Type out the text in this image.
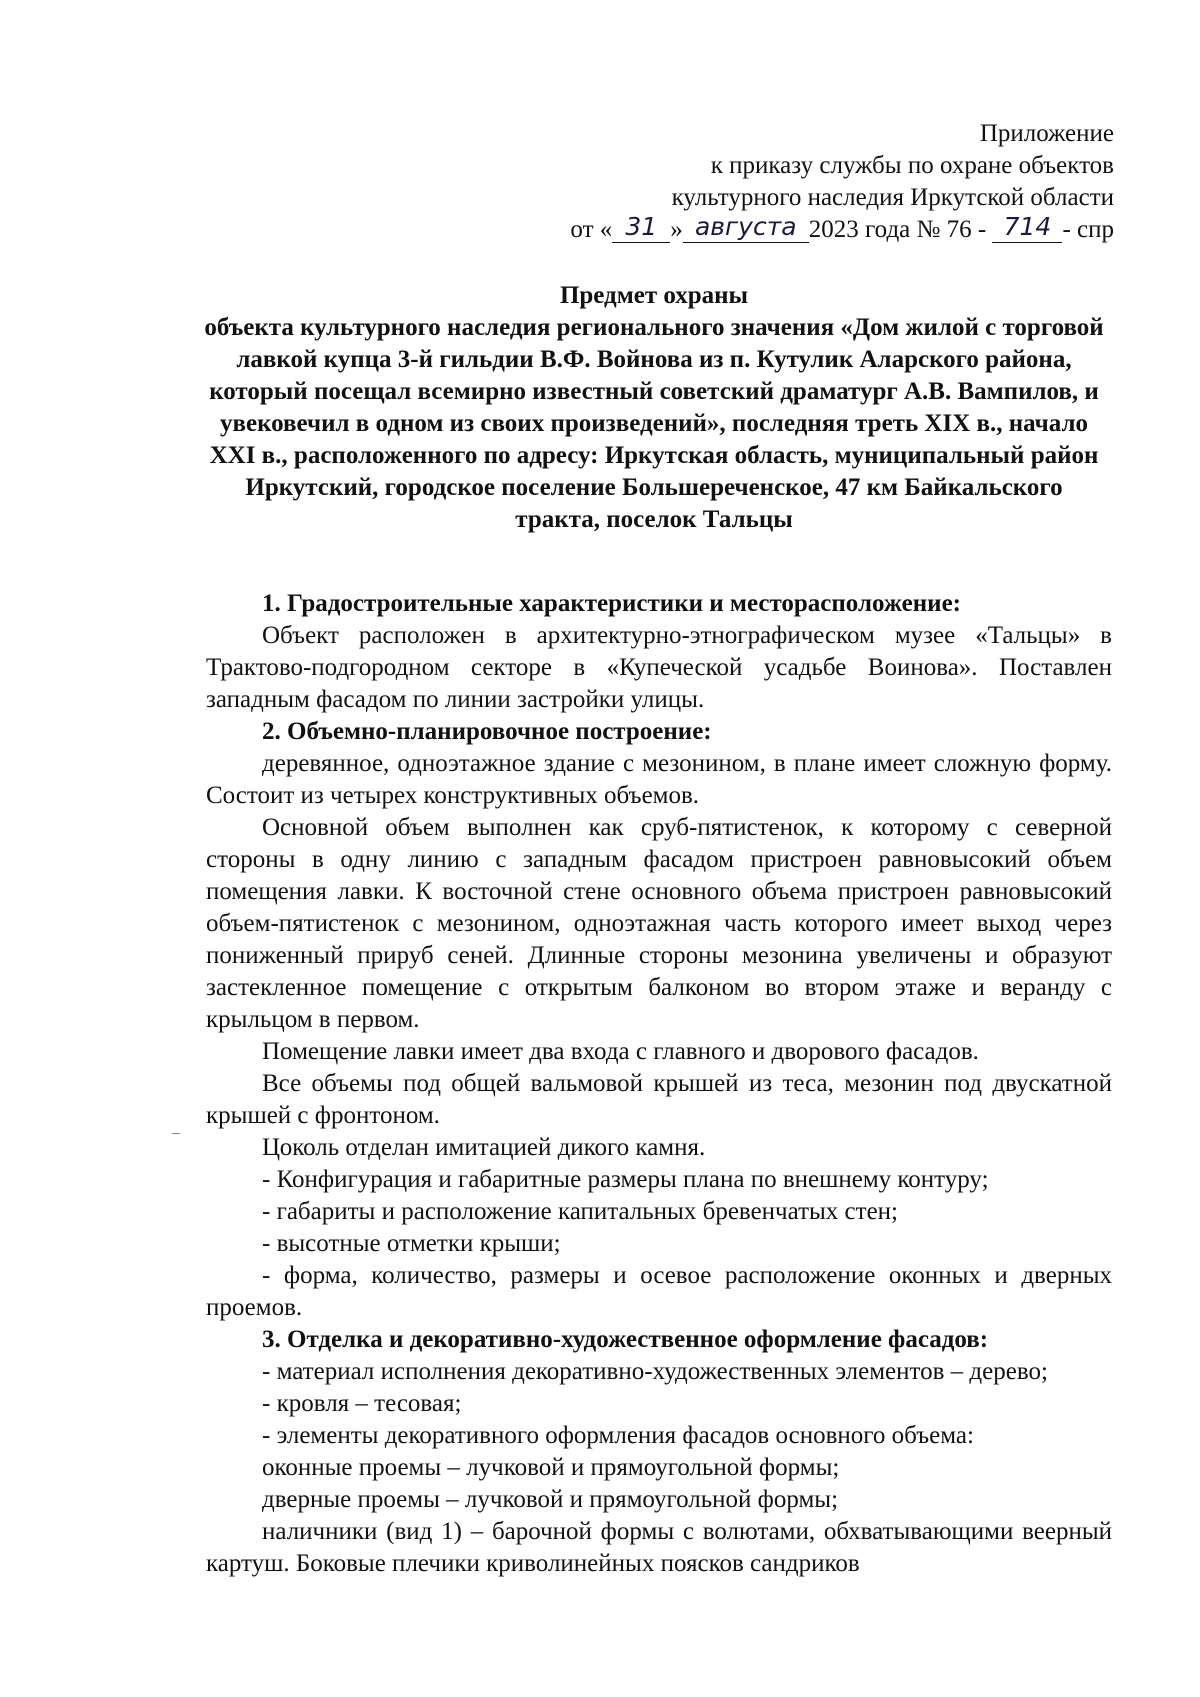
Приложение
к приказу службы по охране объектов
культурного наследия Иркутской области
от « 31 » августа 2023 года № 76 - 714 - спр
Предмет охраны
объекта культурного наследия регионального значения «Дом жилой с торговой лавкой купца 3-й гильдии В.Ф. Войнова из п. Кутулик Аларского района, который посещал всемирно известный советский драматург А.В. Вампилов, и увековечил в одном из своих произведений», последняя треть XIX в., начало XXI в., расположенного по адресу: Иркутская область, муниципальный район Иркутский, городское поселение Большереченское, 47 км Байкальского тракта, поселок Тальцы

1. Градостроительные характеристики и месторасположение:

Объект расположен в архитектурно-этнографическом музее «Тальцы» в Трактово-подгородном секторе в «Купеческой усадьбе Воинова». Поставлен западным фасадом по линии застройки улицы.

2. Объемно-планировочное построение:

деревянное, одноэтажное здание с мезонином, в плане имеет сложную форму. Состоит из четырех конструктивных объемов.

Основной объем выполнен как сруб-пятистенок, к которому с северной стороны в одну линию с западным фасадом пристроен равновысокий объем помещения лавки. К восточной стене основного объема пристроен равновысокий объем-пятистенок с мезонином, одноэтажная часть которого имеет выход через пониженный прируб сеней. Длинные стороны мезонина увеличены и образуют застекленное помещение с открытым балконом во втором этаже и веранду с крыльцом в первом.

Помещение лавки имеет два входа с главного и дворового фасадов.

Все объемы под общей вальмовой крышей из теса, мезонин под двускатной крышей с фронтоном.

Цоколь отделан имитацией дикого камня.

- Конфигурация и габаритные размеры плана по внешнему контуру;

- габариты и расположение капитальных бревенчатых стен;

- высотные отметки крыши;

- форма, количество, размеры и осевое расположение оконных и дверных проемов.

3. Отделка и декоративно-художественное оформление фасадов:

- материал исполнения декоративно-художественных элементов – дерево;

- кровля – тесовая;

- элементы декоративного оформления фасадов основного объема:

оконные проемы – лучковой и прямоугольной формы;

дверные проемы – лучковой и прямоугольной формы;

наличники (вид 1) – барочной формы с волютами, обхватывающими веерный картуш. Боковые плечики криволинейных поясков сандриков
